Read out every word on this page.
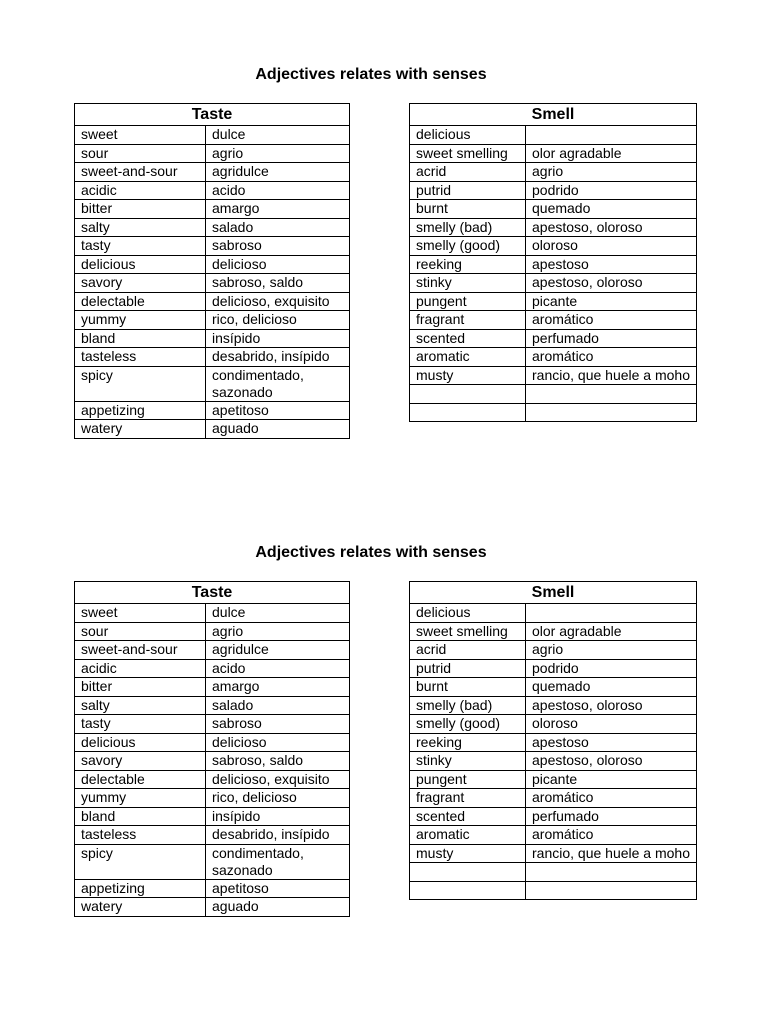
Adjectives relates with senses
Taste	
sweet	dulce
sour	agrio
sweet-and-sour	agridulce
acidic	acido
bitter	amargo
salty	salado
tasty	sabroso
delicious	delicioso
savory	sabroso, saldo
delectable	delicioso, exquisito
yummy	rico, delicioso
bland	insípido
tasteless	desabrido, insípido
spicy	condimentado, sazonado
appetizing	apetitoso
watery	aguado
Smell	
delicious	
sweet smelling	olor agradable
acrid	agrio
putrid	podrido
burnt	quemado
smelly (bad)	apestoso, oloroso
smelly (good)	oloroso
reeking	apestoso
stinky	apestoso, oloroso
pungent	picante
fragrant	aromático
scented	perfumado
aromatic	aromático
musty	rancio, que huele a moho

Adjectives relates with senses
Taste	
sweet	dulce
sour	agrio
sweet-and-sour	agridulce
acidic	acido
bitter	amargo
salty	salado
tasty	sabroso
delicious	delicioso
savory	sabroso, saldo
delectable	delicioso, exquisito
yummy	rico, delicioso
bland	insípido
tasteless	desabrido, insípido
spicy	condimentado, sazonado
appetizing	apetitoso
watery	aguado
Smell	
delicious	
sweet smelling	olor agradable
acrid	agrio
putrid	podrido
burnt	quemado
smelly (bad)	apestoso, oloroso
smelly (good)	oloroso
reeking	apestoso
stinky	apestoso, oloroso
pungent	picante
fragrant	aromático
scented	perfumado
aromatic	aromático
musty	rancio, que huele a moho
